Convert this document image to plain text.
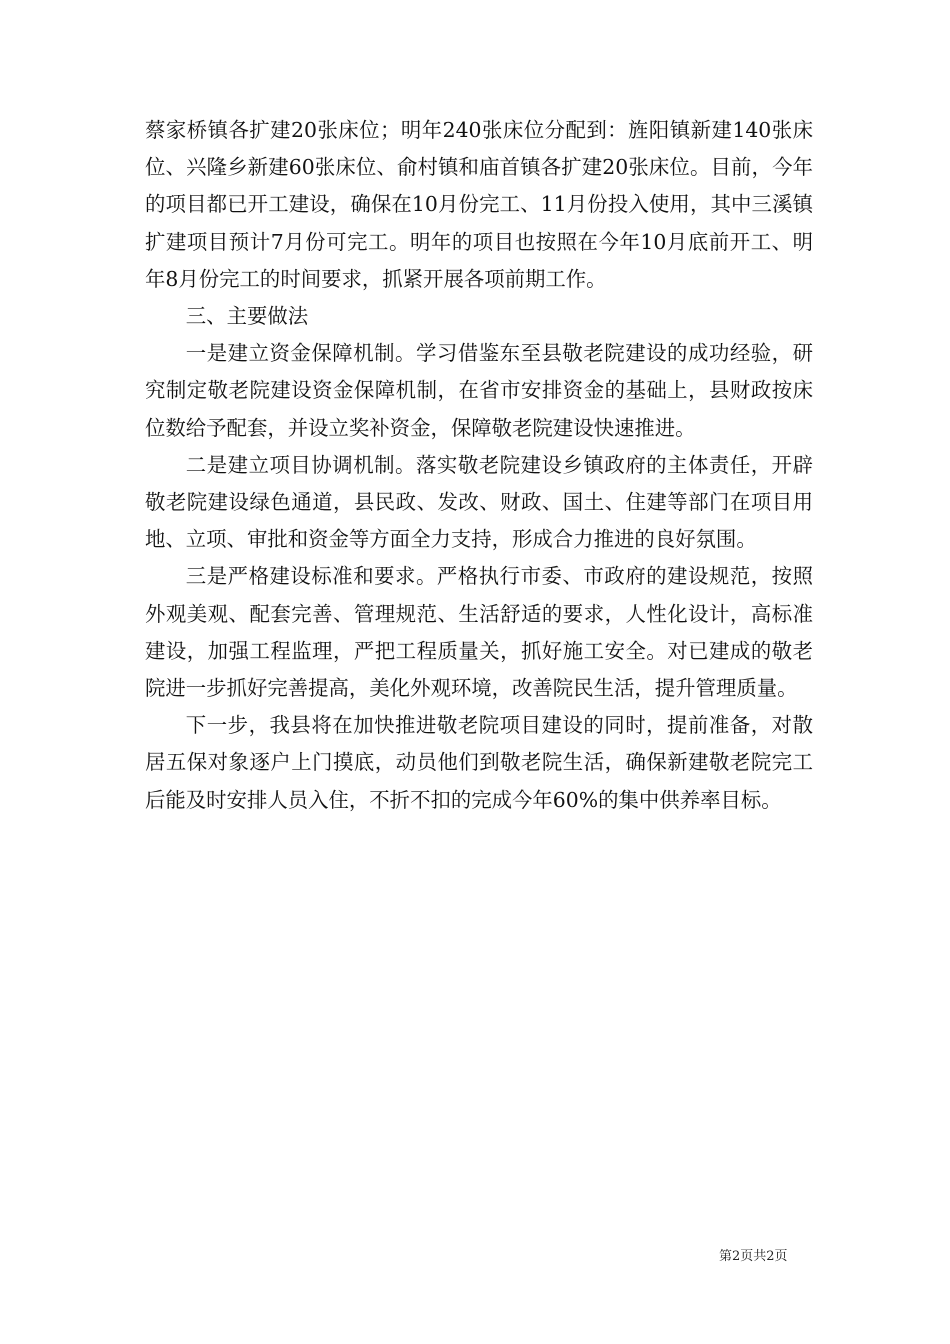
蔡家桥镇各扩建20张床位；明年240张床位分配到：旌阳镇新建140张床位、兴隆乡新建60张床位、俞村镇和庙首镇各扩建20张床位。目前，今年的项目都已开工建设，确保在10月份完工、11月份投入使用，其中三溪镇扩建项目预计7月份可完工。明年的项目也按照在今年10月底前开工、明年8月份完工的时间要求，抓紧开展各项前期工作。

三、主要做法

一是建立资金保障机制。学习借鉴东至县敬老院建设的成功经验，研究制定敬老院建设资金保障机制，在省市安排资金的基础上，县财政按床位数给予配套，并设立奖补资金，保障敬老院建设快速推进。

二是建立项目协调机制。落实敬老院建设乡镇政府的主体责任，开辟敬老院建设绿色通道，县民政、发改、财政、国土、住建等部门在项目用地、立项、审批和资金等方面全力支持，形成合力推进的良好氛围。

三是严格建设标准和要求。严格执行市委、市政府的建设规范，按照外观美观、配套完善、管理规范、生活舒适的要求，人性化设计，高标准建设，加强工程监理，严把工程质量关，抓好施工安全。对已建成的敬老院进一步抓好完善提高，美化外观环境，改善院民生活，提升管理质量。

下一步，我县将在加快推进敬老院项目建设的同时，提前准备，对散居五保对象逐户上门摸底，动员他们到敬老院生活，确保新建敬老院完工后能及时安排人员入住，不折不扣的完成今年60%的集中供养率目标。

第2页共2页
